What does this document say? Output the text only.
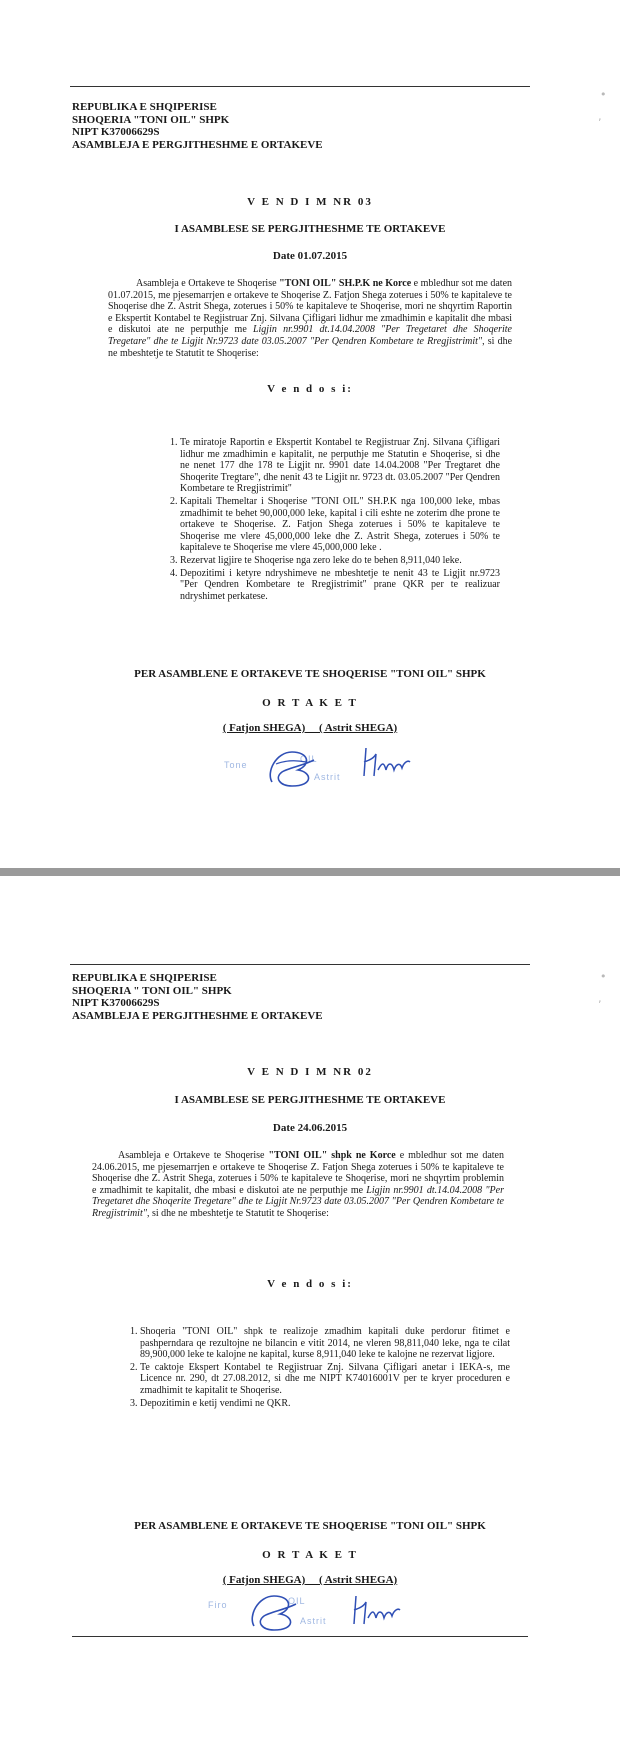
REPUBLIKA E SHQIPERISE
SHOQERIA "TONI OIL" SHPK
NIPT K37006629S
ASAMBLEJA E PERGJITHESHME E ORTAKEVE
V E N D I M NR 03
I ASAMBLESE SE PERGJITHESHME TE ORTAKEVE
Date 01.07.2015
Asambleja e Ortakeve te Shoqerise "TONI OIL" SH.P.K ne Korce e mbledhur sot me daten 01.07.2015, me pjesemarrjen e ortakeve te Shoqerise Z. Fatjon Shega zoterues i 50% te kapitaleve te Shoqerise dhe Z. Astrit Shega, zoterues i 50% te kapitaleve te Shoqerise, mori ne shqyrtim Raportin e Ekspertit Kontabel te Regjistruar Znj. Silvana Çifligari lidhur me zmadhimin e kapitalit dhe mbasi e diskutoi ate ne perputhje me Ligjin nr.9901 dt.14.04.2008 "Per Tregetaret dhe Shoqerite Tregetare" dhe te Ligjit Nr.9723 date 03.05.2007 "Per Qendren Kombetare te Rregjistrimit", si dhe ne mbeshtetje te Statutit te Shoqerise:
V e n d o s i:
1. Te miratoje Raportin e Ekspertit Kontabel te Regjistruar Znj. Silvana Çifligari lidhur me zmadhimin e kapitalit, ne perputhje me Statutin e Shoqerise, si dhe ne nenet 177 dhe 178 te Ligjit nr. 9901 date 14.04.2008 "Per Tregtaret dhe Shoqerite Tregtare", dhe nenit 43 te Ligjit nr. 9723 dt. 03.05.2007 "Per Qendren Kombetare te Rregjistrimit"
2. Kapitali Themeltar i Shoqerise "TONI OIL" SH.P.K nga 100,000 leke, mbas zmadhimit te behet 90,000,000 leke, kapital i cili eshte ne zoterim dhe prone te ortakeve te Shoqerise. Z. Fatjon Shega zoterues i 50% te kapitaleve te Shoqerise me vlere 45,000,000 leke dhe Z. Astrit Shega, zoterues i 50% te kapitaleve te Shoqerise me vlere 45,000,000 leke .
3. Rezervat ligjire te Shoqerise nga zero leke do te behen 8,911,040 leke.
4. Depozitimi i ketyre ndryshimeve ne mbeshtetje te nenit 43 te Ligjit nr.9723 "Per Qendren Kombetare te Rregjistrimit" prane QKR per te realizuar ndryshimet perkatese.
PER ASAMBLENE E ORTAKEVE TE SHOQERISE "TONI OIL" SHPK
O R T A K E T
( Fatjon SHEGA)     ( Astrit SHEGA)
Tone
OIL
Astrit
•
‚
REPUBLIKA E SHQIPERISE
SHOQERIA " TONI OIL" SHPK
NIPT K37006629S
ASAMBLEJA E PERGJITHESHME E ORTAKEVE
V E N D I M NR 02
I ASAMBLESE SE PERGJITHESHME TE ORTAKEVE
Date 24.06.2015
Asambleja e Ortakeve te Shoqerise "TONI OIL" shpk ne Korce e mbledhur sot me daten 24.06.2015, me pjesemarrjen e ortakeve te Shoqerise Z. Fatjon Shega zoterues i 50% te kapitaleve te Shoqerise dhe Z. Astrit Shega, zoterues i 50% te kapitaleve te Shoqerise, mori ne shqyrtim problemin e zmadhimit te kapitalit, dhe mbasi e diskutoi ate ne perputhje me Ligjin nr.9901 dt.14.04.2008 "Per Tregetaret dhe Shoqerite Tregetare" dhe te Ligjit Nr.9723 date 03.05.2007 "Per Qendren Kombetare te Rregjistrimit", si dhe ne mbeshtetje te Statutit te Shoqerise:
V e n d o s i:
1. Shoqeria "TONI OIL" shpk te realizoje zmadhim kapitali duke perdorur fitimet e pashperndara qe rezultojne ne bilancin e vitit 2014, ne vleren 98,811,040 leke, nga te cilat 89,900,000 leke te kalojne ne kapital, kurse 8,911,040 leke te kalojne ne rezervat ligjore.
2. Te caktoje Ekspert Kontabel te Regjistruar Znj. Silvana Çifligari anetar i IEKA-s, me Licence nr. 290, dt 27.08.2012, si dhe me NIPT K74016001V per te kryer proceduren e zmadhimit te kapitalit te Shoqerise.
3. Depozitimin e ketij vendimi ne QKR.
PER ASAMBLENE E ORTAKEVE TE SHOQERISE "TONI OIL" SHPK
O R T A K E T
( Fatjon SHEGA)     ( Astrit SHEGA)
Firo	OIL
Astrit
•
‚
